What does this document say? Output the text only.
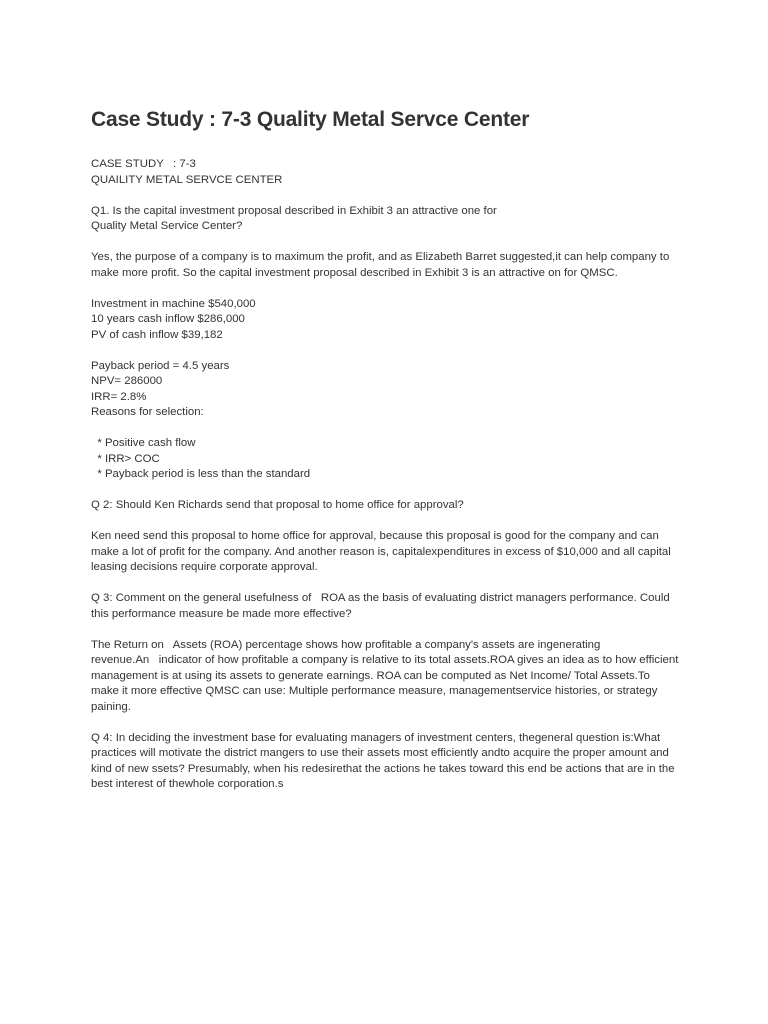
Case Study : 7-3 Quality Metal Servce Center

CASE STUDY   : 7-3
QUAILITY METAL SERVCE CENTER

Q1. Is the capital investment proposal described in Exhibit 3 an attractive one for
Quality Metal Service Center?

Yes, the purpose of a company is to maximum the profit, and as Elizabeth Barret suggested,it can help company to
make more profit. So the capital investment proposal described in Exhibit 3 is an attractive on for QMSC.

Investment in machine $540,000
10 years cash inflow $286,000
PV of cash inflow $39,182

Payback period = 4.5 years
NPV= 286000
IRR= 2.8%
Reasons for selection:

* Positive cash flow
* IRR> COC
* Payback period is less than the standard

Q 2: Should Ken Richards send that proposal to home office for approval?

Ken need send this proposal to home office for approval, because this proposal is good for the company and can
make a lot of profit for the company. And another reason is, capitalexpenditures in excess of $10,000 and all capital
leasing decisions require corporate approval.

Q 3: Comment on the general usefulness of   ROA as the basis of evaluating district managers performance. Could
this performance measure be made more effective?

The Return on   Assets (ROA) percentage shows how profitable a company's assets are ingenerating
revenue.An   indicator of how profitable a company is relative to its total assets.ROA gives an idea as to how efficient
management is at using its assets to generate earnings. ROA can be computed as Net Income/ Total Assets.To
make it more effective QMSC can use: Multiple performance measure, managementservice histories, or strategy
paining.

Q 4: In deciding the investment base for evaluating managers of investment centers, thegeneral question is:What
practices will motivate the district mangers to use their assets most efficiently andto acquire the proper amount and
kind of new ssets? Presumably, when his redesirethat the actions he takes toward this end be actions that are in the
best interest of thewhole corporation.s
